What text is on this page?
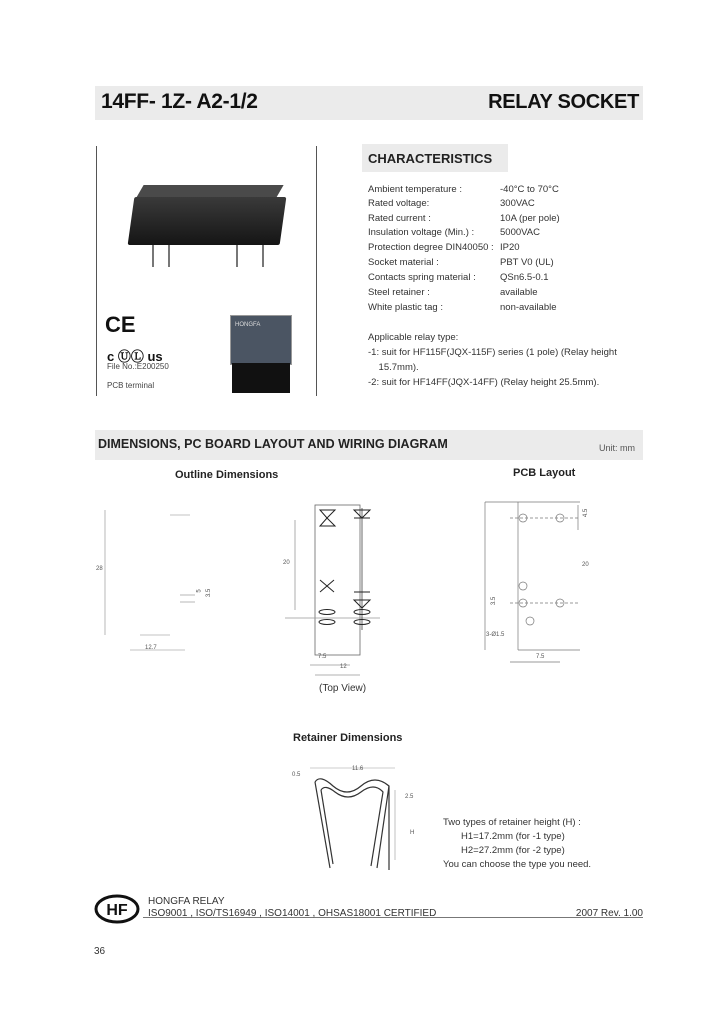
14FF- 1Z- A2-1/2	RELAY SOCKET
CE
c ⓊⓁ us
File No.:E200250
PCB terminal
HONGFA
CHARACTERISTICS
Ambient temperature :	-40°C to 70°C
Rated voltage:	300VAC
Rated current :	10A (per pole)
Insulation voltage (Min.) :	5000VAC
Protection degree DIN40050 : IP20
Socket material :	PBT V0 (UL)
Contacts spring material :	QSn6.5-0.1
Steel retainer :	available
White plastic tag :	non-available
Applicable relay type:
-1: suit for HF115F(JQX-115F) series (1 pole) (Relay height
15.7mm).
-2: suit for HF14FF(JQX-14FF) (Relay height 25.5mm).
DIMENSIONS, PC BOARD LAYOUT AND WIRING DIAGRAM	Unit: mm
Outline Dimensions	PCB Layout
28
12.7
5 3.5
20
7.5
12
(Top View)
4.5
20
3.5
3-Ø1.5
7.5
Retainer Dimensions
11.6
0.5
2.5
H
Two types of retainer height (H) :
H1=17.2mm (for -1 type)
H2=27.2mm (for -2 type)
You can choose the type you need.
HF
HONGFA RELAY
ISO9001 , ISO/TS16949 , ISO14001 , OHSAS18001 CERTIFIED	2007 Rev. 1.00
36
